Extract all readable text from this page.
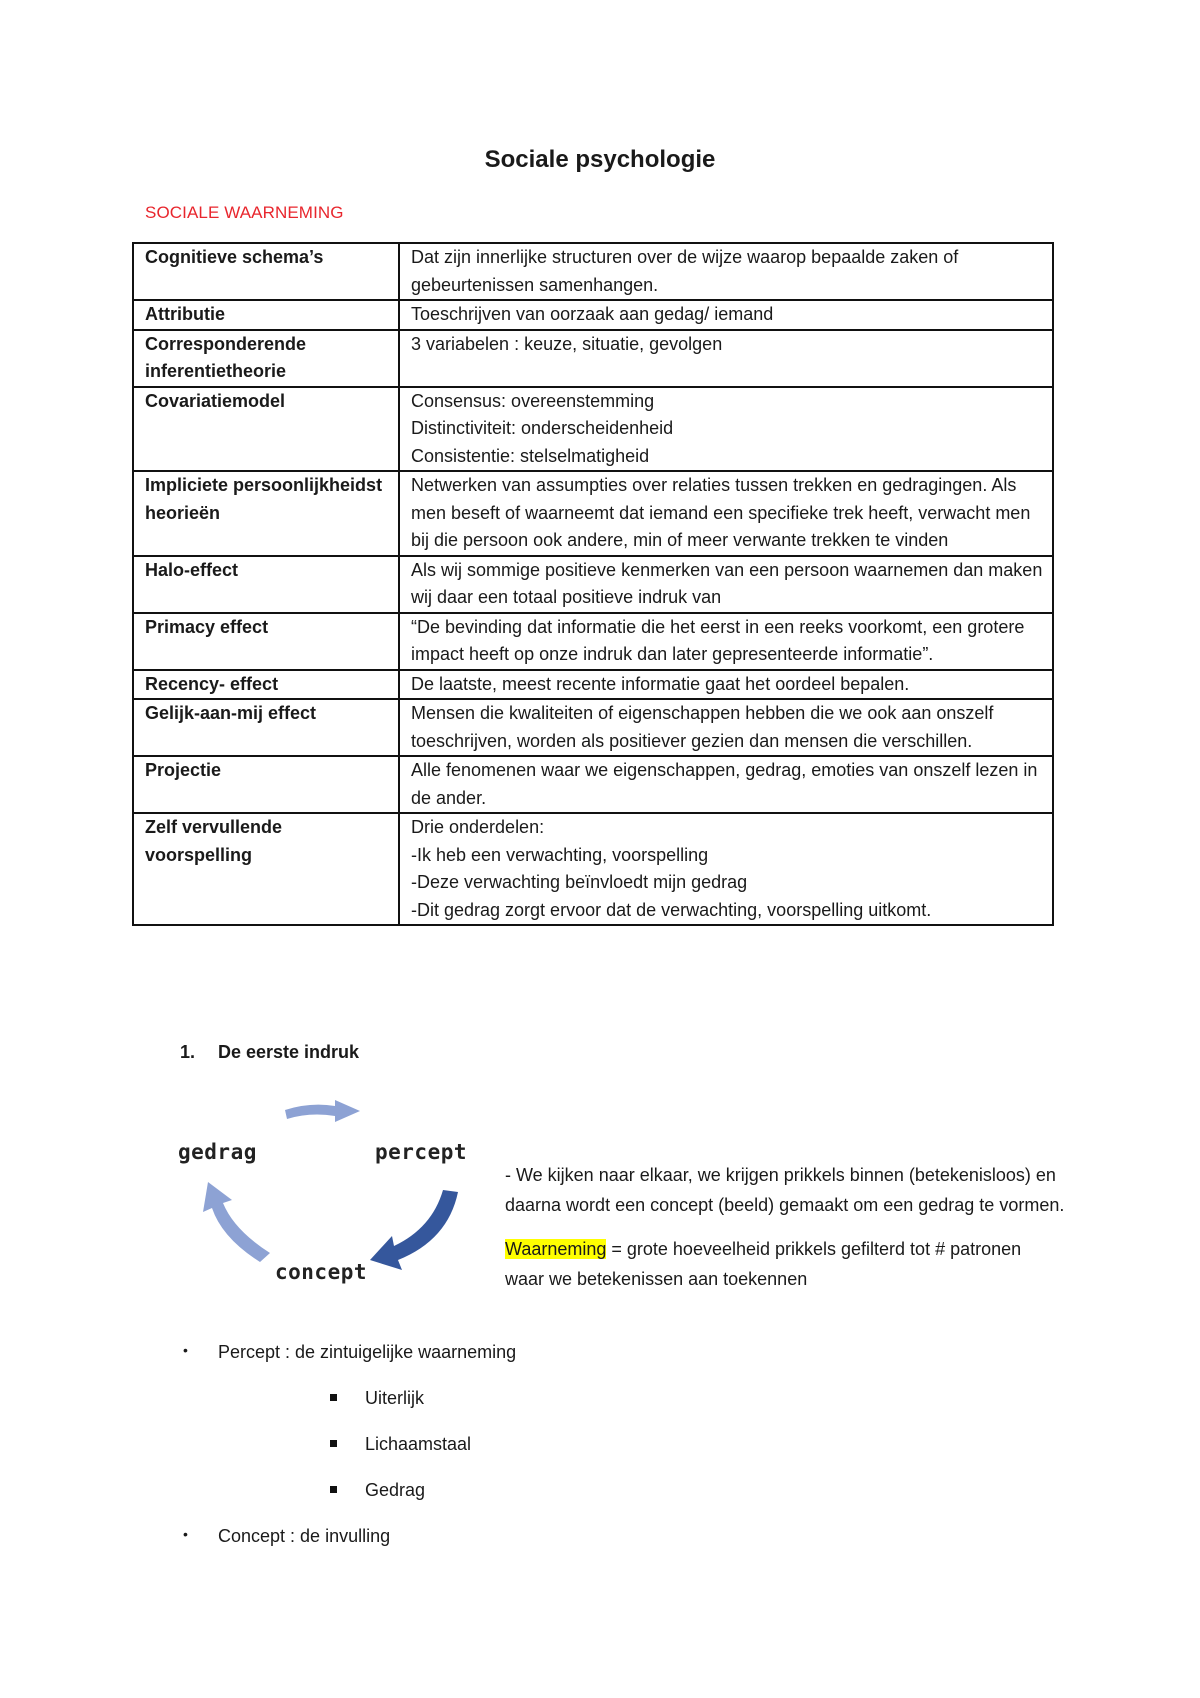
Sociale psychologie
SOCIALE WAARNEMING
Cognitieve schema’s	Dat zijn innerlijke structuren over de wijze waarop bepaalde zaken of gebeurtenissen samenhangen.
Attributie	Toeschrijven van oorzaak aan gedag/ iemand
Corresponderende inferentietheorie	3 variabelen : keuze, situatie, gevolgen
Covariatiemodel	Consensus: overeenstemming
Distinctiviteit: onderscheidenheid
Consistentie: stelselmatigheid

Impliciete persoonlijkheidstheorieën	Netwerken van assumpties over relaties tussen trekken en gedragingen. Als men beseft of waarneemt dat iemand een specifieke trek heeft, verwacht men bij die persoon ook andere, min of meer verwante trekken te vinden
Halo-effect	Als wij sommige positieve kenmerken van een persoon waarnemen dan maken wij daar een totaal positieve indruk van
Primacy effect	“De bevinding dat informatie die het eerst in een reeks voorkomt, een grotere impact heeft op onze indruk dan later gepresenteerde informatie”.
Recency- effect	De laatste, meest recente informatie gaat het oordeel bepalen.
Gelijk-aan-mij effect	Mensen die kwaliteiten of eigenschappen hebben die we ook aan onszelf toeschrijven, worden als positiever gezien dan mensen die verschillen.
Projectie	Alle fenomenen waar we eigenschappen, gedrag, emoties van onszelf lezen in de ander.
Zelf vervullende voorspelling	Drie onderdelen:
-Ik heb een verwachting, voorspelling
-Deze verwachting beïnvloedt mijn gedrag
-Dit gedrag zorgt ervoor dat de verwachting, voorspelling uitkomt.
1. De eerste indruk
gedrag	percept
concept

- We kijken naar elkaar, we krijgen prikkels binnen (betekenisloos) en daarna wordt een concept (beeld) gemaakt om een gedrag te vormen.

Waarneming = grote hoeveelheid prikkels gefilterd tot # patronen waar we betekenissen aan toekennen

• Percept : de zintuigelijke waarneming
Uiterlijk
Lichaamstaal
Gedrag
• Concept : de invulling
